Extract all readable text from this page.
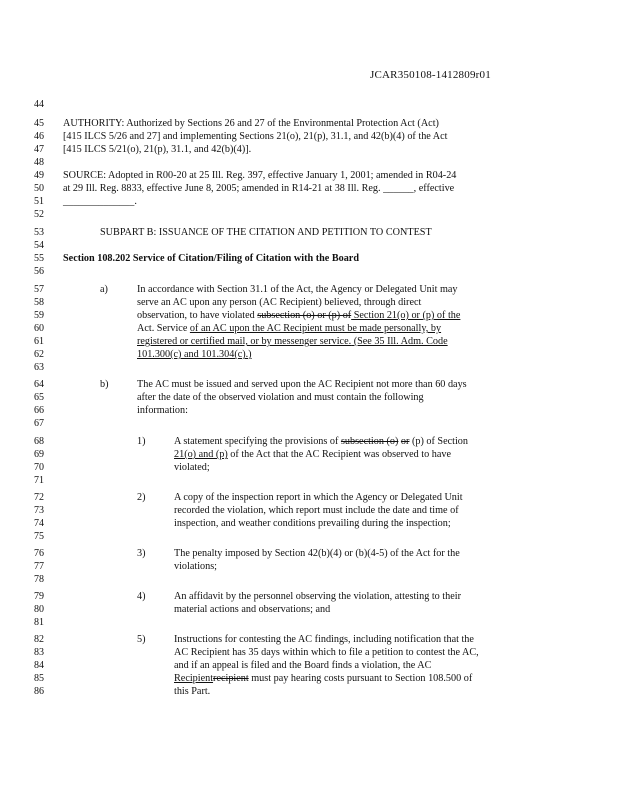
JCAR350108-1412809r01
44
45
46
47
48
49
50
51
52
53
54
55
56
57
58
59
60
61
62
63
64
65
66
67
68
69
70
71
72
73
74
75
76
77
78
79
80
81
82
83
84
85
86
AUTHORITY: Authorized by Sections 26 and 27 of the Environmental Protection Act (Act)
[415 ILCS 5/26 and 27] and implementing Sections 21(o), 21(p), 31.1, and 42(b)(4) of the Act
[415 ILCS 5/21(o), 21(p), 31.1, and 42(b)(4)].
SOURCE: Adopted in R00-20 at 25 Ill. Reg. 397, effective January 1, 2001; amended in R04-24
at 29 Ill. Reg. 8833, effective June 8, 2005; amended in R14-21 at 38 Ill. Reg. ______, effective
______________.
SUBPART B: ISSUANCE OF THE CITATION AND PETITION TO CONTEST
Section 108.202 Service of Citation/Filing of Citation with the Board
a)	In accordance with Section 31.1 of the Act, the Agency or Delegated Unit may
serve an AC upon any person (AC Recipient) believed, through direct
observation, to have violated subsection (o) or (p) of Section 21(o) or (p) of the
Act. Service of an AC upon the AC Recipient must be made personally, by
registered or certified mail, or by messenger service. (See 35 Ill. Adm. Code
101.300(c) and 101.304(c).)
b)	The AC must be issued and served upon the AC Recipient not more than 60 days
after the date of the observed violation and must contain the following
information:
1)	A statement specifying the provisions of subsection (o) or (p) of Section
21(o) and (p) of the Act that the AC Recipient was observed to have
violated;
2)	A copy of the inspection report in which the Agency or Delegated Unit
recorded the violation, which report must include the date and time of
inspection, and weather conditions prevailing during the inspection;
3)	The penalty imposed by Section 42(b)(4) or (b)(4-5) of the Act for the
violations;
4)	An affidavit by the personnel observing the violation, attesting to their
material actions and observations; and
5)	Instructions for contesting the AC findings, including notification that the
AC Recipient has 35 days within which to file a petition to contest the AC,
and if an appeal is filed and the Board finds a violation, the AC
Recipientrecipient must pay hearing costs pursuant to Section 108.500 of
this Part.
